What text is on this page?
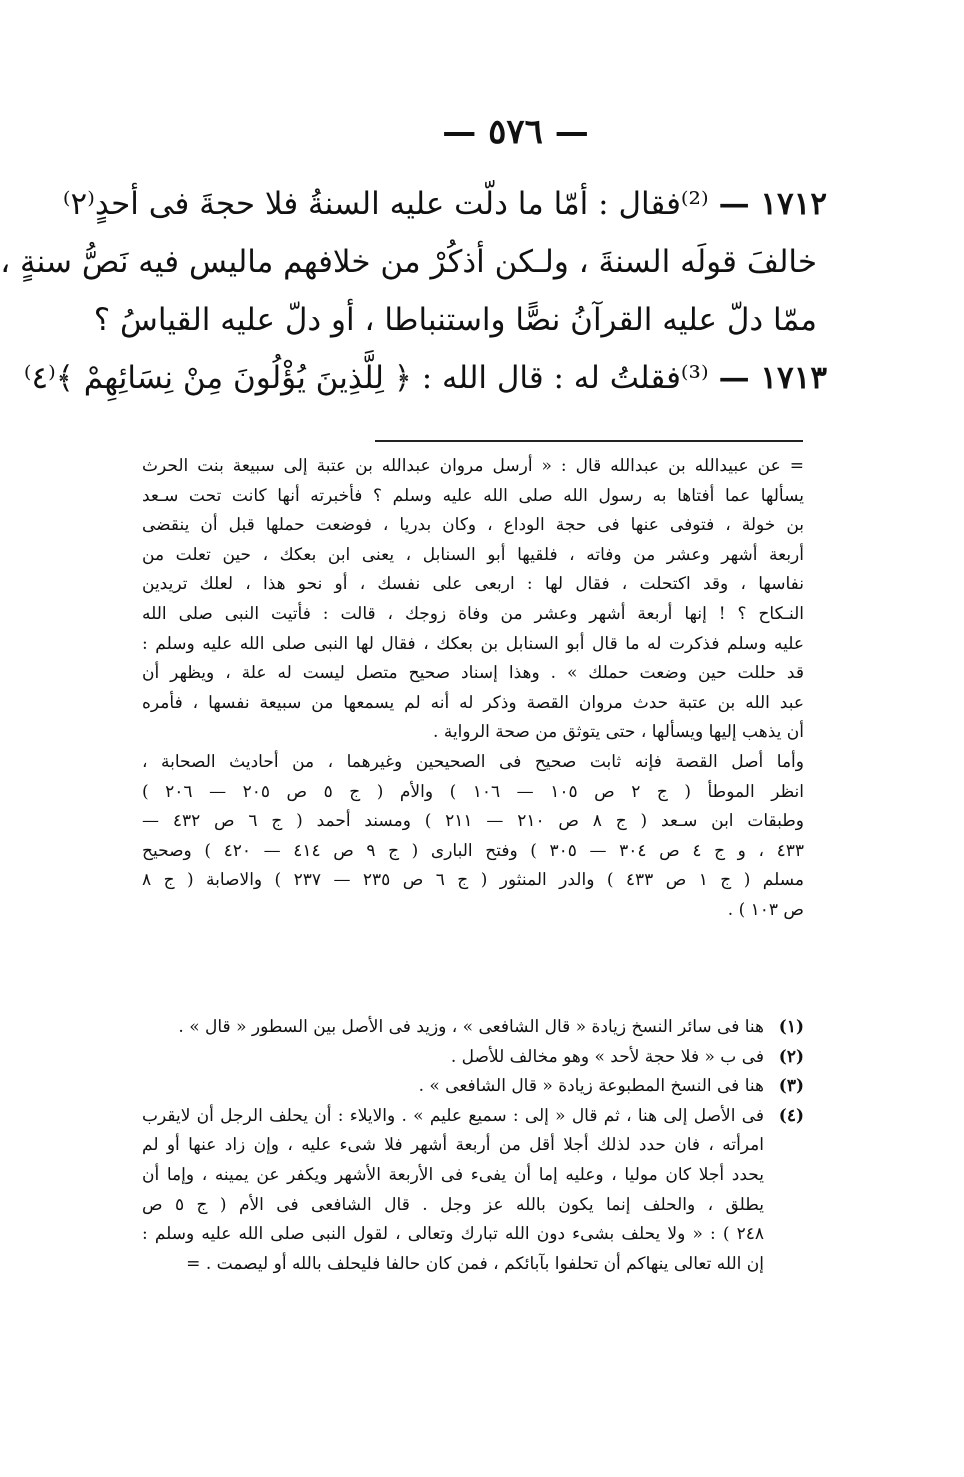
— ٥٧٦ —

١٧١٢ —⁽²⁾فقال : أمّا ما دلّت عليه السنةُ فلا حجةَ فى أحدٍ⁽٢⁾

خالفَ قولَه السنةَ ، ولـكن أذكُرْ من خلافهم ماليس فيه نَصُّ سنةٍ ،

ممّا دلّ عليه القرآنُ نصًّا واستنباطا ، أو دلّ عليه القياسُ ؟

١٧١٣ —⁽³⁾فقلتُ له : قال الله : ﴿ لِلَّذِينَ يُؤْلُونَ مِنْ نِسَائِهِمْ ﴾⁽٤⁾

= عن عبيدالله بن عبدالله قال : « أرسل مروان عبدالله بن عتبة إلى سبيعة بنت الحرث

يسألها عما أفتاها به رسول الله صلى الله عليه وسلم ؟ فأخبرته أنها كانت تحت سـعد

بن خولة ، فتوفى عنها فى حجة الوداع ، وكان بدريا ، فوضعت حملها قبل أن ينقضى

أربعة أشهر وعشر من وفاته ، فلقيها أبو السنابل ، يعنى ابن بعكك ، حين تعلت من

نفاسها ، وقد اكتحلت ، فقال لها : اربعى على نفسك ، أو نحو هذا ، لعلك تريدين

النـكاح ؟ ! إنها أربعة أشهر وعشر من وفاة زوجك ، قالت : فأتيت النبى صلى الله

عليه وسلم فذكرت له ما قال أبو السنابل بن بعكك ، فقال لها النبى صلى الله عليه وسلم :

قد حللت حين وضعت حملك » . وهذا إسناد صحيح متصل ليست له علة ، ويظهر أن

عبد الله بن عتبة حدث مروان القصة وذكر له أنه لم يسمعها من سبيعة نفسها ، فأمره

أن يذهب إليها ويسألها ، حتى يتوثق من صحة الرواية .

وأما أصل القصة فإنه ثابت صحيح فى الصحيحين وغيرهما ، من أحاديث الصحابة ،

انظر الموطأ ( ج ٢ ص ١٠٥ — ١٠٦ ) والأم ( ج ٥ ص ٢٠٥ — ٢٠٦ )

وطبقات ابن سـعد ( ج ٨ ص ٢١٠ — ٢١١ ) ومسند أحمد ( ج ٦ ص ٤٣٢ —

٤٣٣ ، و ج ٤ ص ٣٠٤ — ٣٠٥ ) وفتح البارى ( ج ٩ ص ٤١٤ — ٤٢٠ ) وصحيح

مسلم ( ج ١ ص ٤٣٣ ) والدر المنثور ( ج ٦ ص ٢٣٥ — ٢٣٧ ) والاصابة ( ج ٨

ص ١٠٣ ) .

(١)

هنا فى سائر النسخ زيادة « قال الشافعى » ، وزيد فى الأصل بين السطور « قال » .

(٢)

فى ب « فلا حجة لأحد » وهو مخالف للأصل .

(٣)

هنا فى النسخ المطبوعة زيادة « قال الشافعى » .

(٤)

فى الأصل إلى هنا ، ثم قال « إلى : سميع عليم » . والايلاء : أن يحلف الرجل أن لايقرب

امرأته ، فان حدد لذلك أجلا أقل من أربعة أشهر فلا شىء عليه ، وإن زاد عنها أو لم

يحدد أجلا كان موليا ، وعليه إما أن يفىء فى الأربعة الأشهر ويكفر عن يمينه ، وإما أن

يطلق ، والحلف إنما يكون بالله عز وجل . قال الشافعى فى الأم ( ج ٥ ص

٢٤٨ ) : « ولا يحلف بشىء دون الله تبارك وتعالى ، لقول النبى صلى الله عليه وسلم :

إن الله تعالى ينهاكم أن تحلفوا بآبائكم ، فمن كان حالفا فليحلف بالله أو ليصمت . =
